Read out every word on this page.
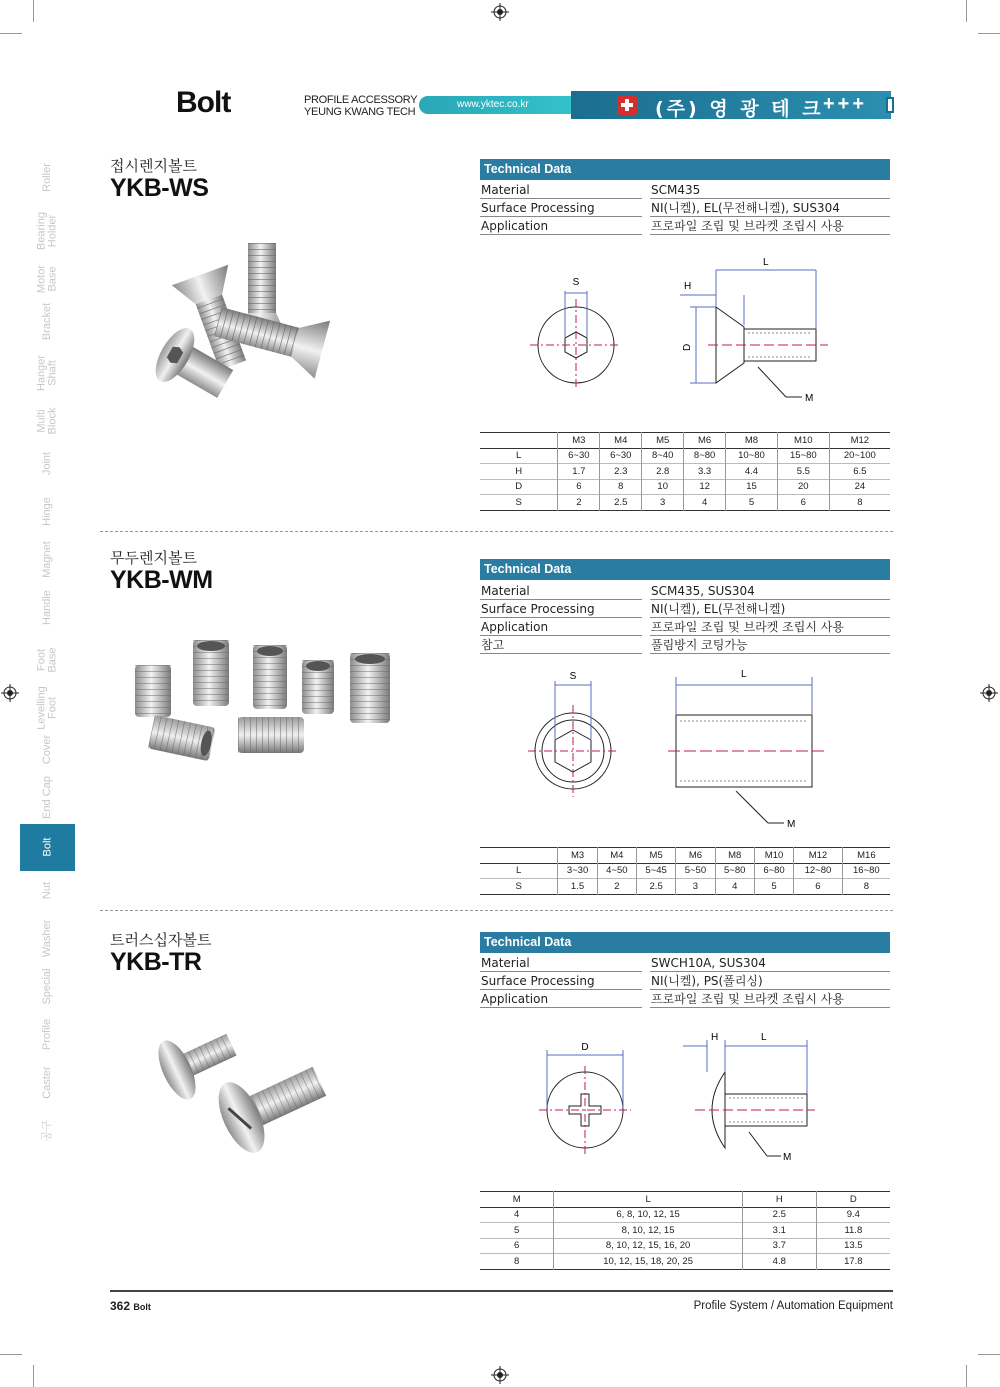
Bolt	PROFILE ACCESSORY
YEUNG KWANG TECH
www.yktec.co.kr	(주) 영 광 테 크 +++
Roller
Bearing
Holder
Motor
Base
Bracket
Hanger
Shaft
Multi
Block
Joint
Hinge
Magnet
Handle
Foot
Base
Levelling
Foot
Cover
End Cap
Nut
Washer
Special
Profile
Caster
공구
Bolt
접시렌지볼트
YKB-WS
Technical Data
Material	SCM435
Surface Processing	NI(니켈), EL(무전해니켈), SUS304
Application	프로파일 조립 및 브라켓 조립시 사용
S
L
H
D
M
	M3	M4	M5	M6	M8	M10	M12
L	6~30	6~30	8~40	8~80	10~80	15~80	20~100
H	1.7	2.3	2.8	3.3	4.4	5.5	6.5
D	6	8	10	12	15	20	24
S	2	2.5	3	4	5	6	8
무두렌지볼트
YKB-WM	Technical Data
Material	SCM435, SUS304
Surface Processing	NI(니켈), EL(무전해니켈)
Application	프로파일 조립 및 브라켓 조립시 사용
참고	풀림방지 코팅가능
S	L
M
	M3	M4	M5	M6	M8	M10	M12	M16
L	3~30	4~50	5~45	5~50	5~80	6~80	12~80	16~80
S	1.5	2	2.5	3	4	5	6	8
트러스십자볼트
YKB-TR
Technical Data
Material	SWCH10A, SUS304
Surface Processing	NI(니켈), PS(폴리싱)
Application	프로파일 조립 및 브라켓 조립시 사용
D
H	L
M
M	L	H	D
4	6, 8, 10, 12, 15	2.5	9.4
5	8, 10, 12, 15	3.1	11.8
6	8, 10, 12, 15, 16, 20	3.7	13.5
8	10, 12, 15, 18, 20, 25	4.8	17.8
362 Bolt	Profile System / Automation Equipment
